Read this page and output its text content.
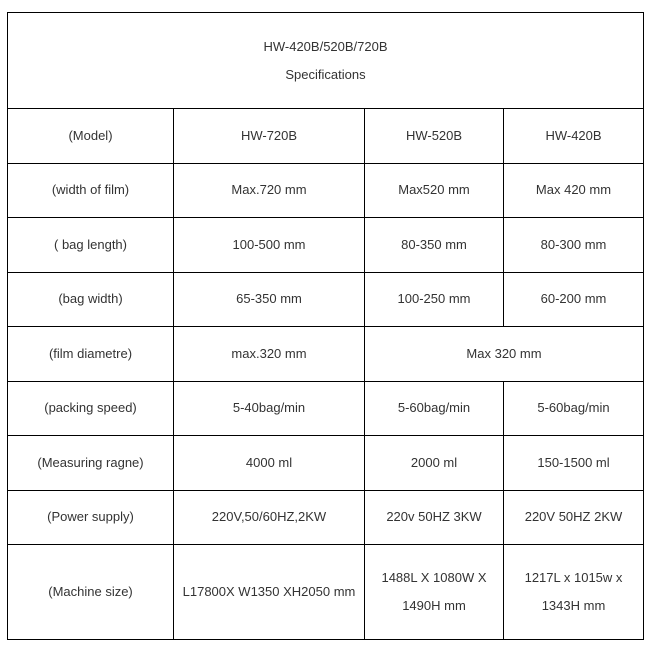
HW-420B/520B/720B
Specifications			

(Model)	HW-720B	HW-520B	HW-420B
(width of film)	Max.720 mm	Max520 mm	Max 420 mm
( bag length)	100-500 mm	80-350 mm	80-300 mm
(bag width)	65-350 mm	100-250 mm	60-200 mm
(film diametre)	max.320 mm	Max 320 mm	
(packing speed)	5-40bag/min	5-60bag/min	5-60bag/min
(Measuring ragne)	4000 ml	2000 ml	150-1500 ml
(Power supply)	220V,50/60HZ,2KW	220v 50HZ 3KW	220V 50HZ 2KW
(Machine size)	L17800X W1350 XH2050 mm	1488L X 1080W X 1490H mm	1217L x 1015w x 1343H mm
